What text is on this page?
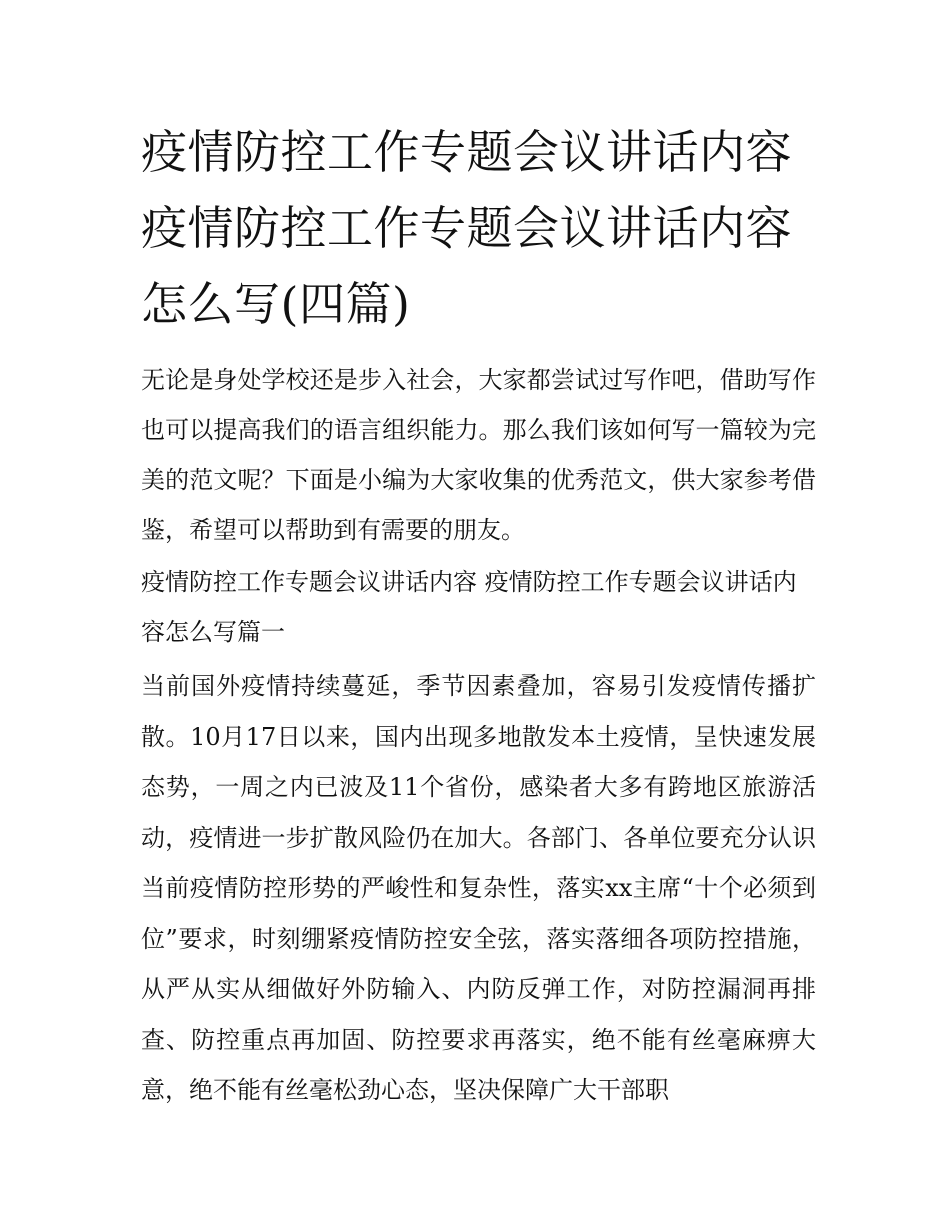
疫情防控工作专题会议讲话内容 疫情防控工作专题会议讲话内容怎么写(四篇)

无论是身处学校还是步入社会，大家都尝试过写作吧，借助写作也可以提高我们的语言组织能力。那么我们该如何写一篇较为完美的范文呢？下面是小编为大家收集的优秀范文，供大家参考借鉴，希望可以帮助到有需要的朋友。

疫情防控工作专题会议讲话内容 疫情防控工作专题会议讲话内容怎么写篇一

当前国外疫情持续蔓延，季节因素叠加，容易引发疫情传播扩散。10月17日以来，国内出现多地散发本土疫情，呈快速发展态势，一周之内已波及11个省份，感染者大多有跨地区旅游活动，疫情进一步扩散风险仍在加大。各部门、各单位要充分认识当前疫情防控形势的严峻性和复杂性，落实xx主席“十个必须到位”要求，时刻绷紧疫情防控安全弦，落实落细各项防控措施，从严从实从细做好外防输入、内防反弹工作，对防控漏洞再排查、防控重点再加固、防控要求再落实，绝不能有丝毫麻痹大意，绝不能有丝毫松劲心态，坚决保障广大干部职
